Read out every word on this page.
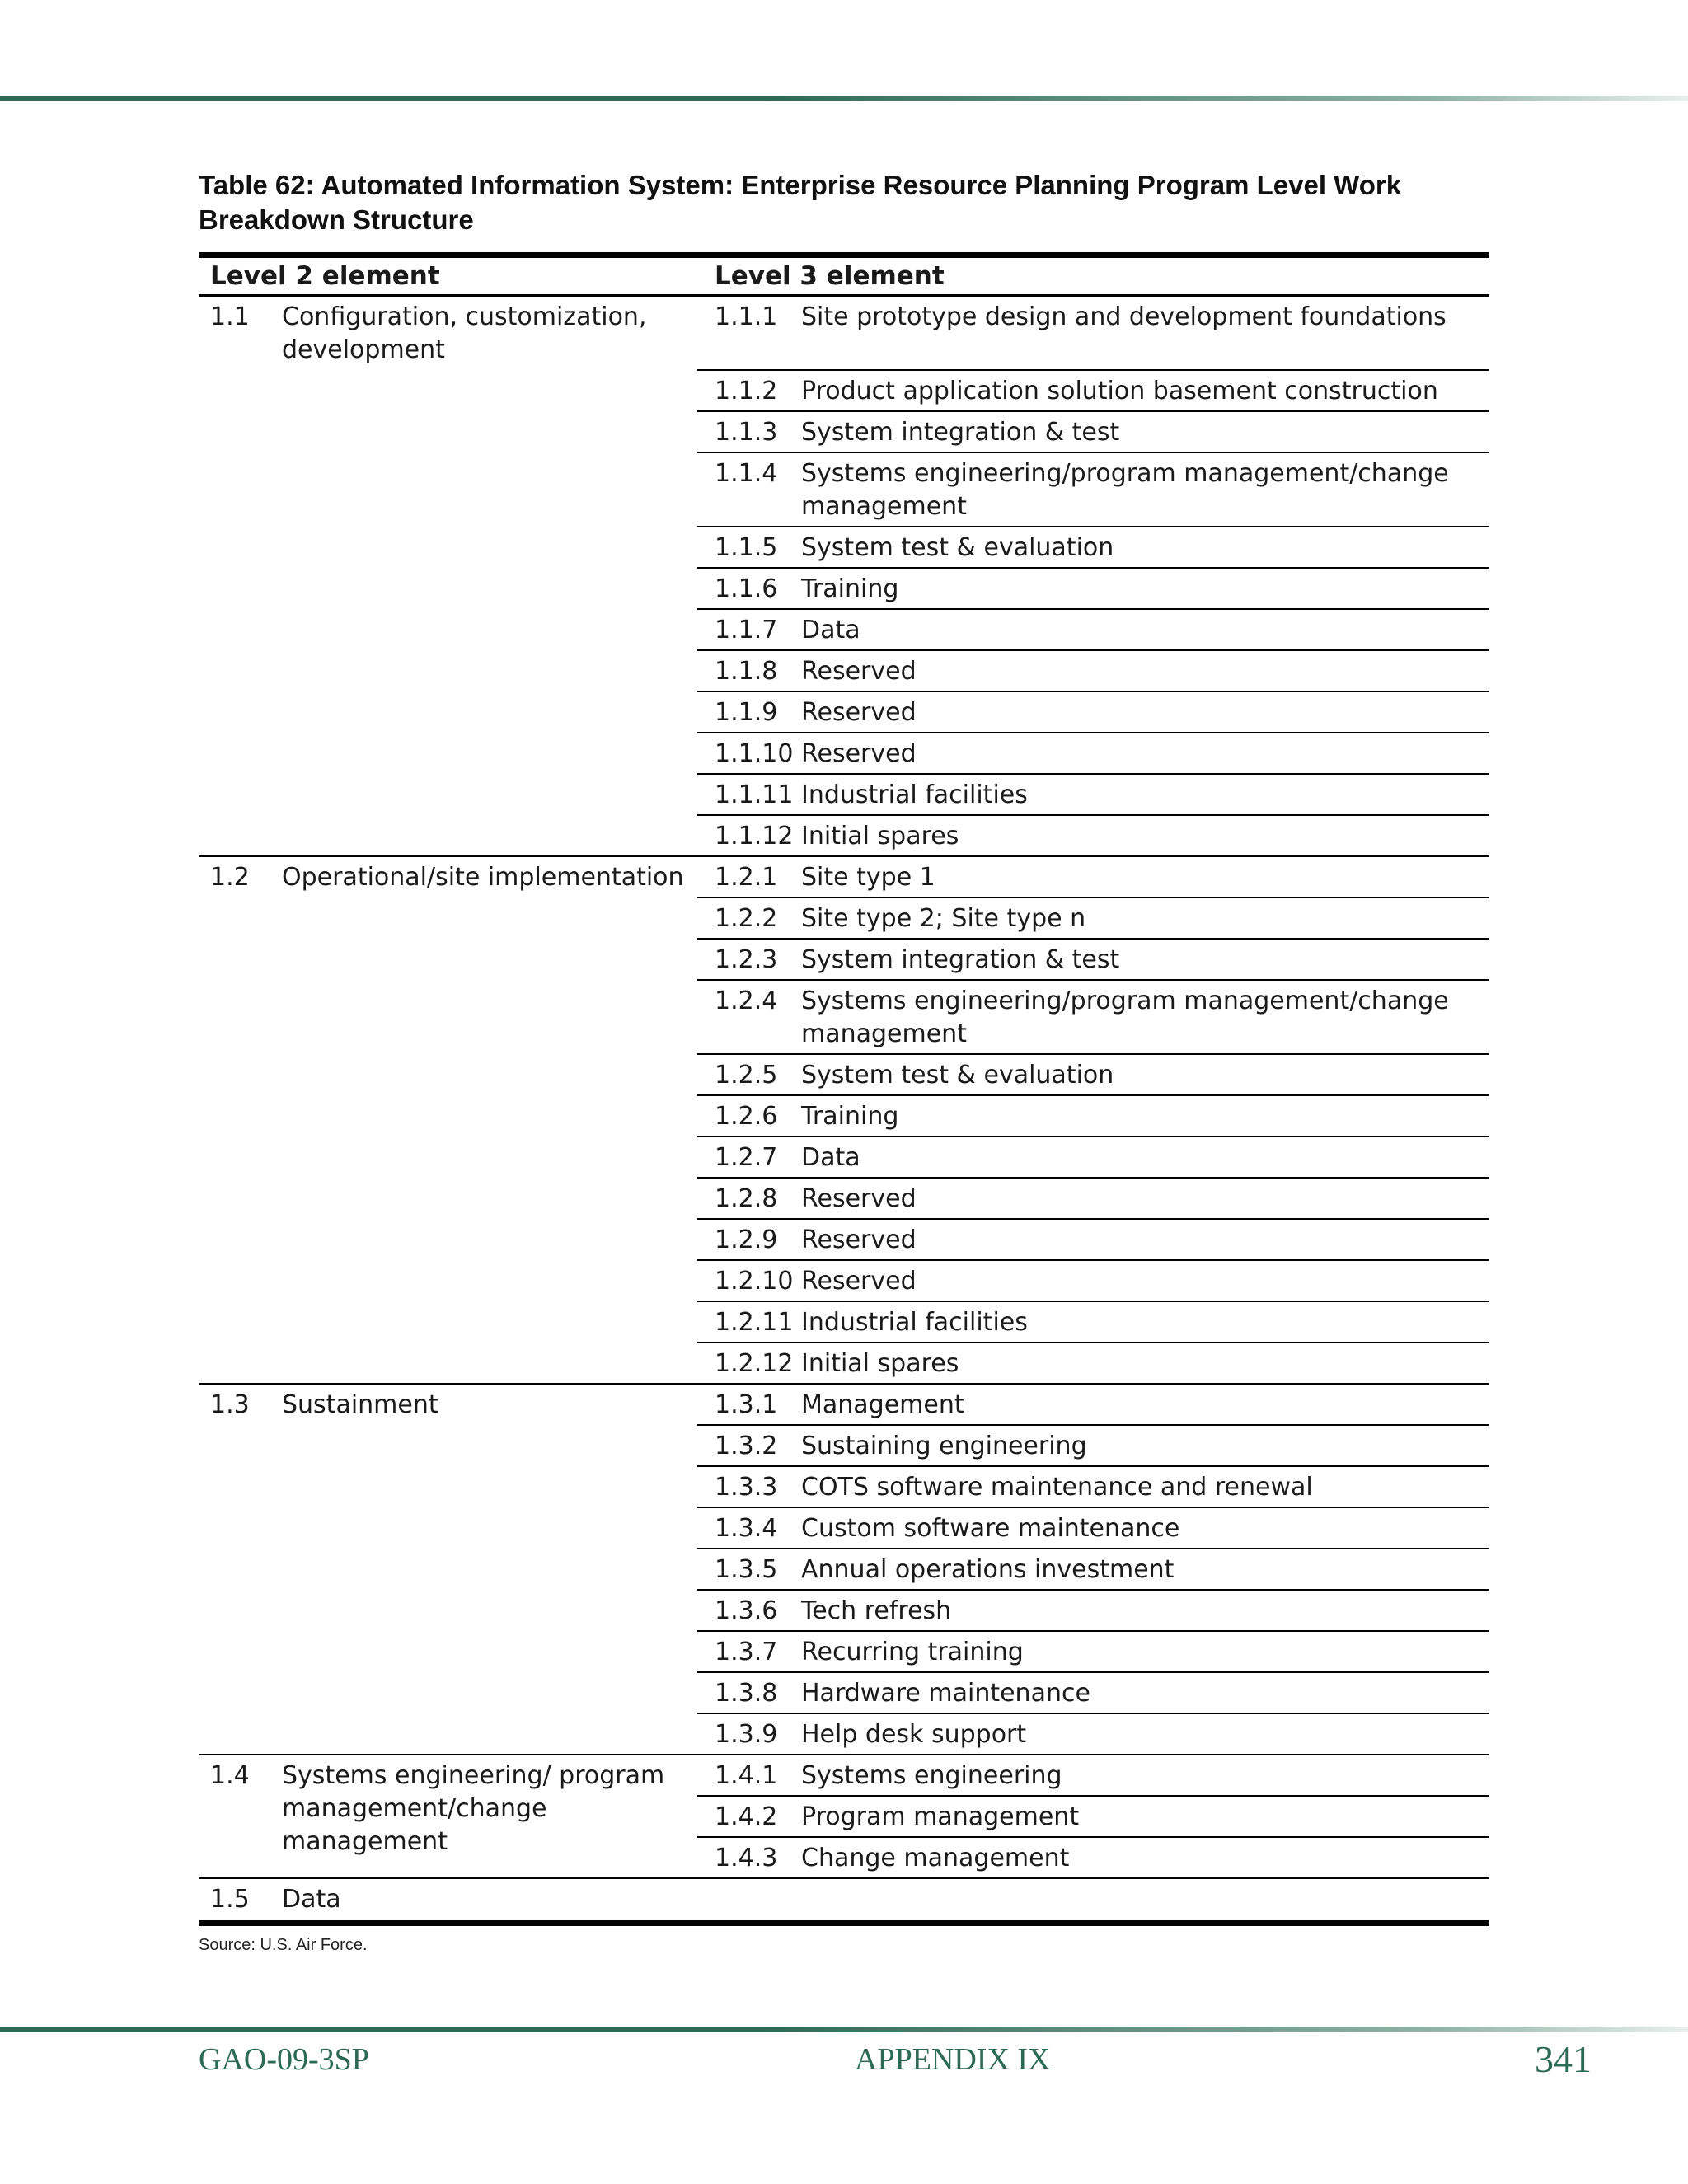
Table 62: Automated Information System: Enterprise Resource Planning Program Level Work Breakdown Structure
Level 2 element		Level 3 element	
1.1	Configuration, customization, development	1.1.1	Site prototype design and development foundations
		1.1.2	Product application solution basement construction
		1.1.3	System integration & test
		1.1.4	Systems engineering/program management/change management
		1.1.5	System test & evaluation
		1.1.6	Training
		1.1.7	Data
		1.1.8	Reserved
		1.1.9	Reserved
		1.1.10	Reserved
		1.1.11	Industrial facilities
		1.1.12	Initial spares
1.2	Operational/site implementation	1.2.1	Site type 1
		1.2.2	Site type 2; Site type n
		1.2.3	System integration & test
		1.2.4	Systems engineering/program management/change management
		1.2.5	System test & evaluation
		1.2.6	Training
		1.2.7	Data
		1.2.8	Reserved
		1.2.9	Reserved
		1.2.10	Reserved
		1.2.11	Industrial facilities
		1.2.12	Initial spares
1.3	Sustainment	1.3.1	Management
		1.3.2	Sustaining engineering
		1.3.3	COTS software maintenance and renewal
		1.3.4	Custom software maintenance
		1.3.5	Annual operations investment
		1.3.6	Tech refresh
		1.3.7	Recurring training
		1.3.8	Hardware maintenance
		1.3.9	Help desk support
1.4	Systems engineering/ program management/change management	1.4.1	Systems engineering
		1.4.2	Program management
		1.4.3	Change management
1.5	Data		
Source: U.S. Air Force.
GAO-09-3SP	APPENDIX IX	341
